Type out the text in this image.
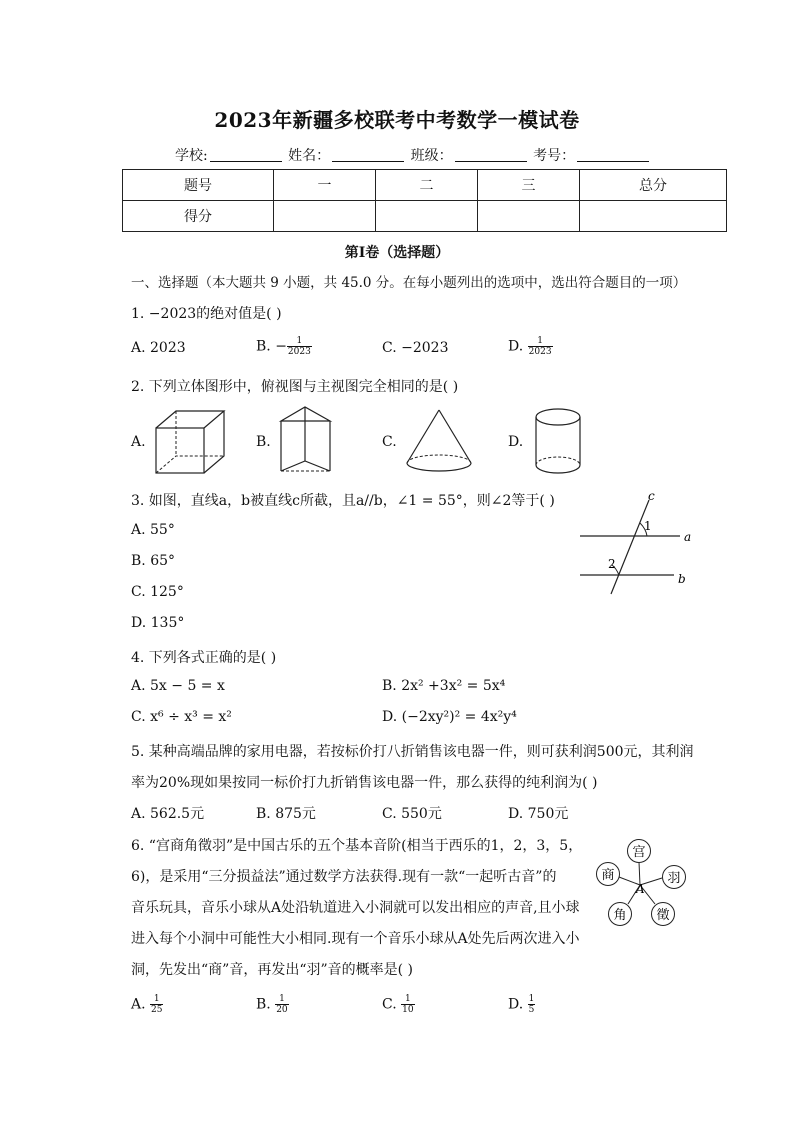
2023年新疆多校联考中考数学一模试卷
学校:	姓名：	班级：	考号：
题号	一	二	三	总分
得分				
第I卷（选择题）
一、选择题（本大题共 9 小题，共 45.0 分。在每小题列出的选项中，选出符合题目的一项）
1. −2023的绝对值是( )
A. 2023	B. − $\frac{1}{2023}$	C. −2023	D. $\frac{1}{2023}$
2. 下列立体图形中，俯视图与主视图完全相同的是( )
A.	B.	C.	D.
3. 如图，直线a，b被直线c所截，且a//b，∠1 = 55°，则∠2等于( )
A. 55°
B. 65°
C. 125°
D. 135°
c
a
b
1
2
4. 下列各式正确的是( )
A. 5x − 5 = x	B. 2x² +3x² = 5x⁴
C. x⁶ ÷ x³ = x²	D. (−2xy²)² = 4x²y⁴
5. 某种高端品牌的家用电器，若按标价打八折销售该电器一件，则可获利润500元，其利润
率为20%现如果按同一标价打九折销售该电器一件，那么获得的纯利润为( )
A. 562.5元	B. 875元	C. 550元	D. 750元
6. “宫商角徵羽”是中国古乐的五个基本音阶(相当于西乐的1，2，3，5，
6)，是采用“三分损益法”通过数学方法获得.现有一款“一起听古音”的
音乐玩具，音乐小球从A处沿轨道进入小洞就可以发出相应的声音,且小球
进入每个小洞中可能性大小相同.现有一个音乐小球从A处先后两次进入小
洞，先发出“商”音，再发出“羽”音的概率是( )
宫
商	羽
角 徵
A
A. $\frac{1}{25}$	B. $\frac{1}{20}$	C. $\frac{1}{10}$	D. $\frac{1}{5}$
